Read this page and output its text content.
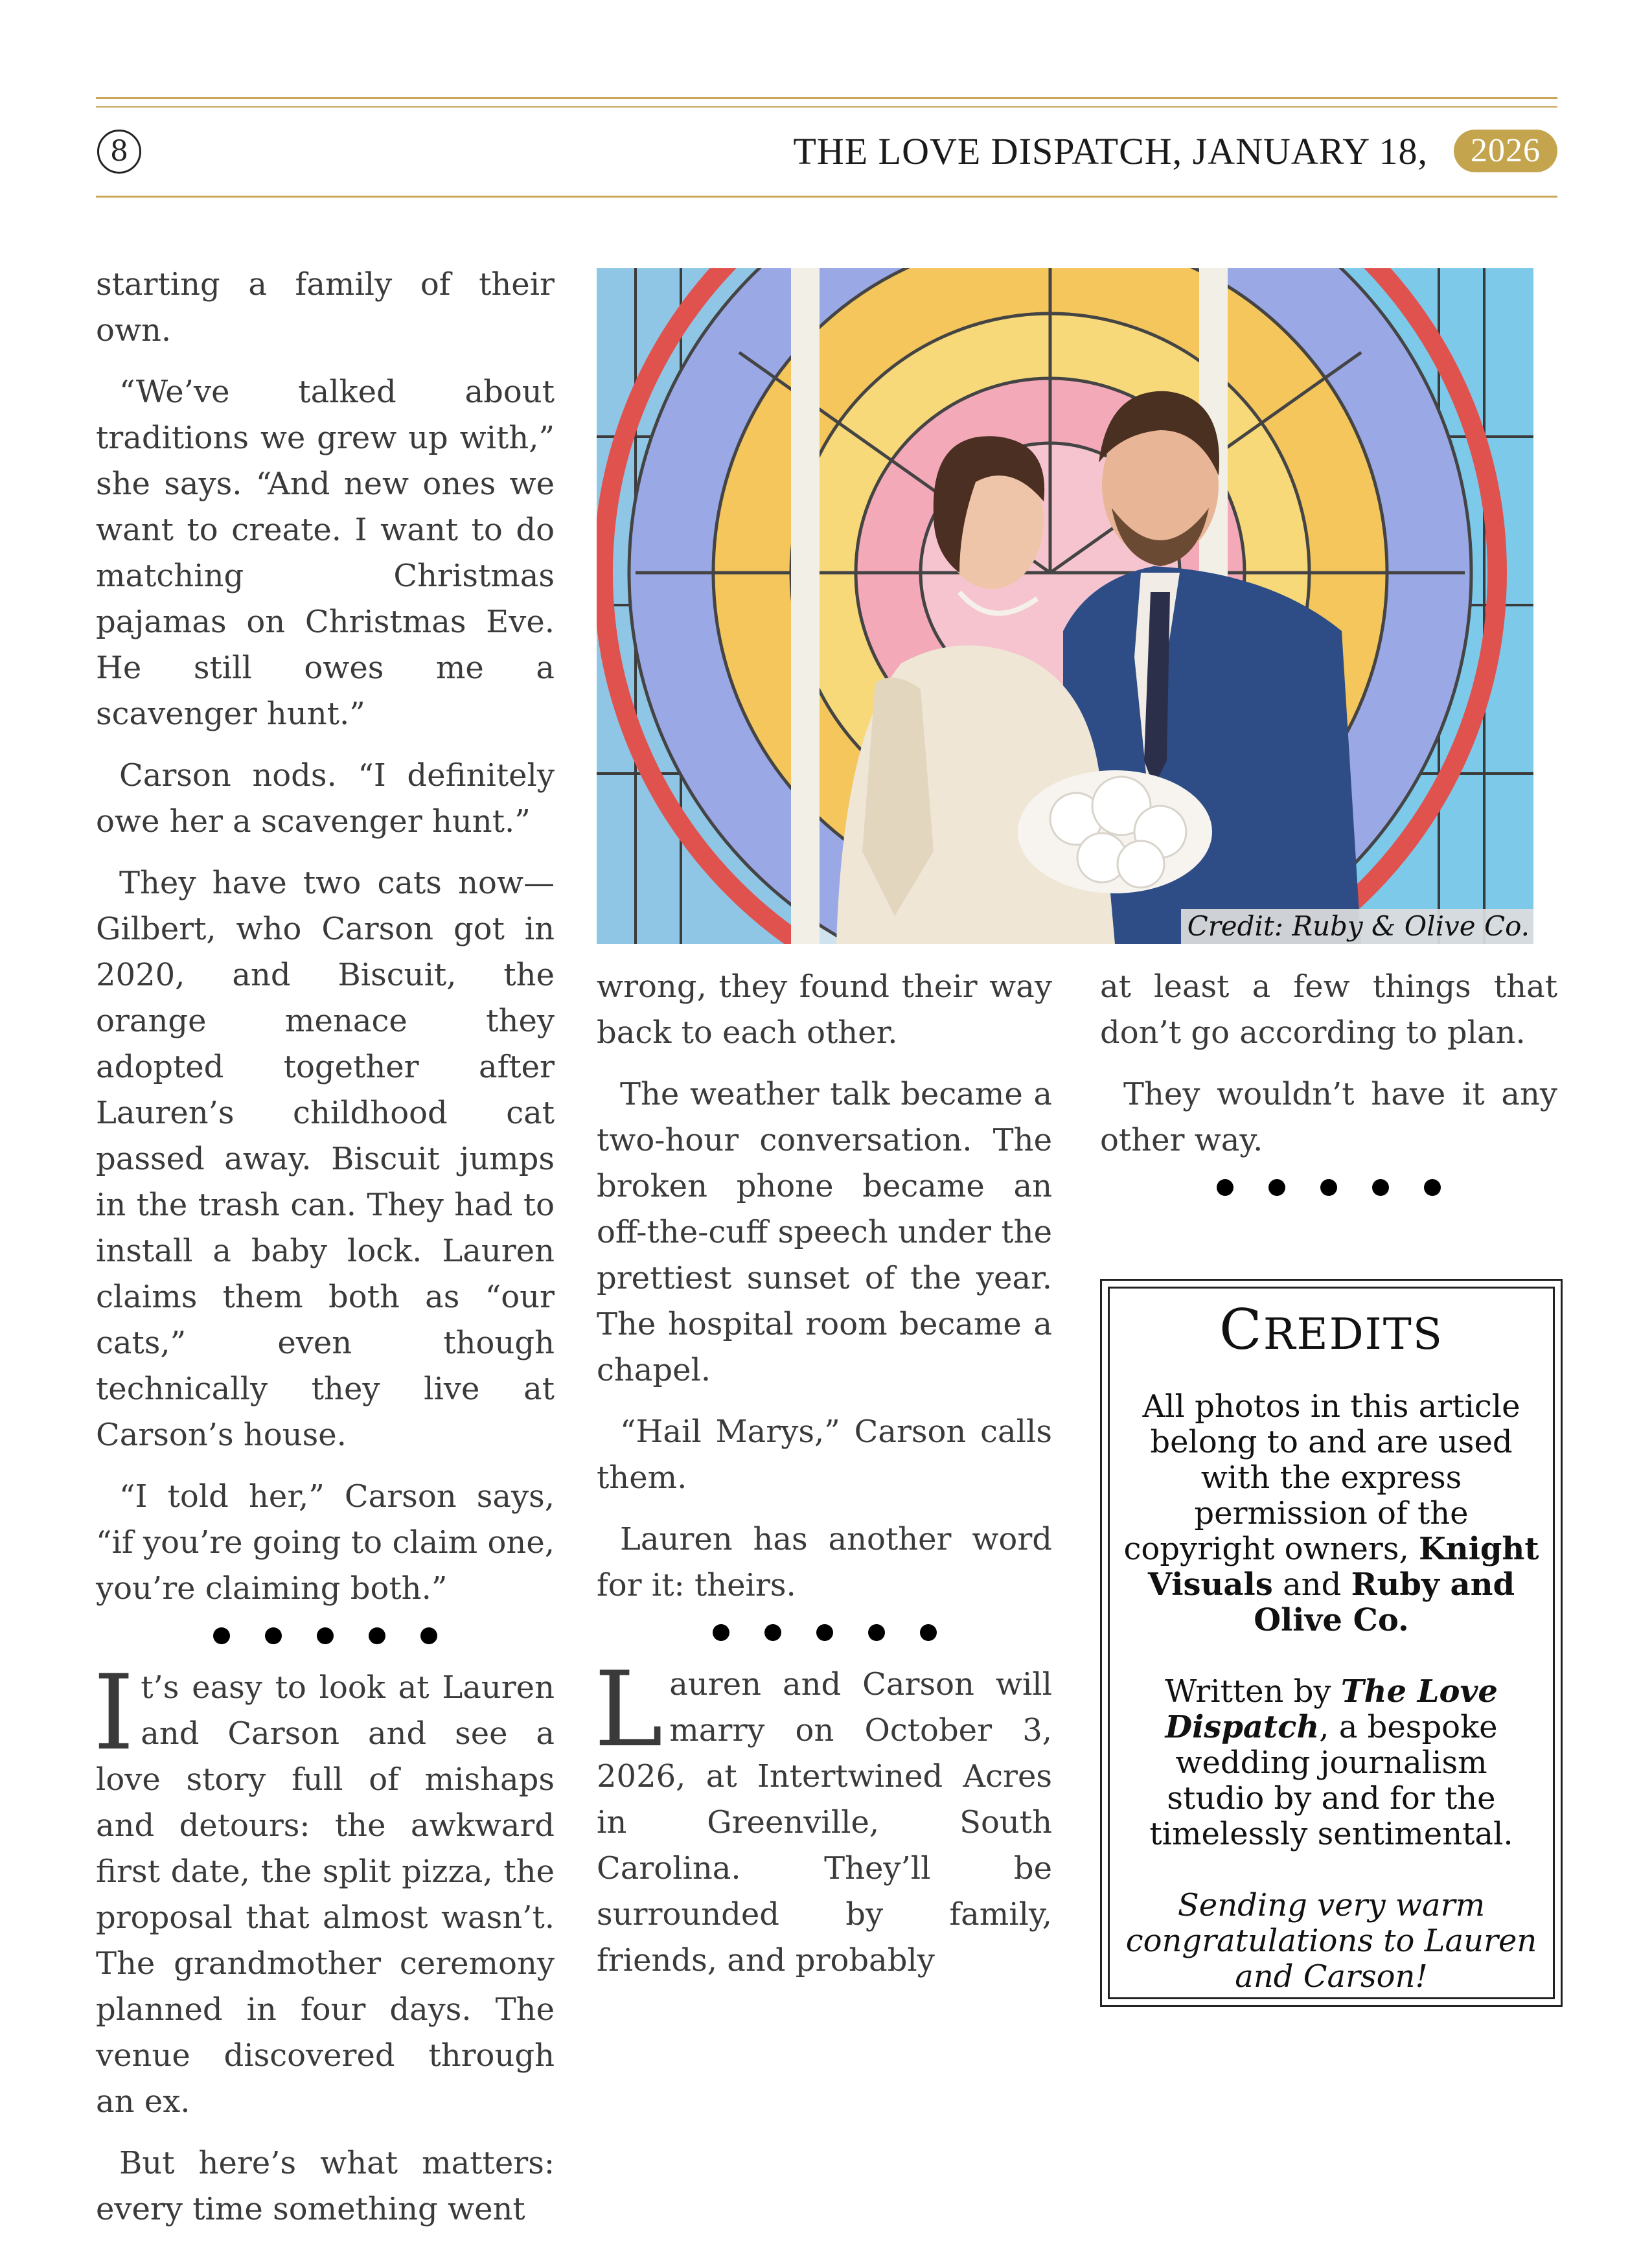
8	THE LOVE DISPATCH, JANUARY 18,	2026

starting a family of their own.

“We’ve talked about traditions we grew up with,” she says. “And new ones we want to create. I want to do matching Christmas pajamas on Christmas Eve. He still owes me a scavenger hunt.”

Carson nods. “I definitely owe her a scavenger hunt.”

They have two cats now—Gilbert, who Carson got in 2020, and Biscuit, the orange menace they adopted together after Lauren’s childhood cat passed away. Biscuit jumps in the trash can. They had to install a baby lock. Lauren claims them both as “our cats,” even though technically they live at Carson’s house.

“I told her,” Carson says, “if you’re going to claim one, you’re claiming both.”

It’s easy to look at Lauren and Carson and see a love story full of mishaps and detours: the awkward first date, the split pizza, the proposal that almost wasn’t. The grandmother ceremony planned in four days. The venue discovered through an ex.

But here’s what matters: every time something went

Credit: Ruby & Olive Co.

wrong, they found their way back to each other.

The weather talk became a two-hour conversation. The broken phone became an off-the-cuff speech under the prettiest sunset of the year. The hospital room became a chapel.

“Hail Marys,” Carson calls them.

Lauren has another word for it: theirs.

Lauren and Carson will marry on October 3, 2026, at Intertwined Acres in Greenville, South Carolina. They’ll be surrounded by family, friends, and probably

at least a few things that don’t go according to plan.

They wouldn’t have it any other way.

CREDITS

All photos in this article belong to and are used with the express permission of the copyright owners, Knight Visuals and Ruby and Olive Co.

Written by The Love Dispatch, a bespoke wedding journalism studio by and for the timelessly sentimental.

Sending very warm congratulations to Lauren and Carson!
